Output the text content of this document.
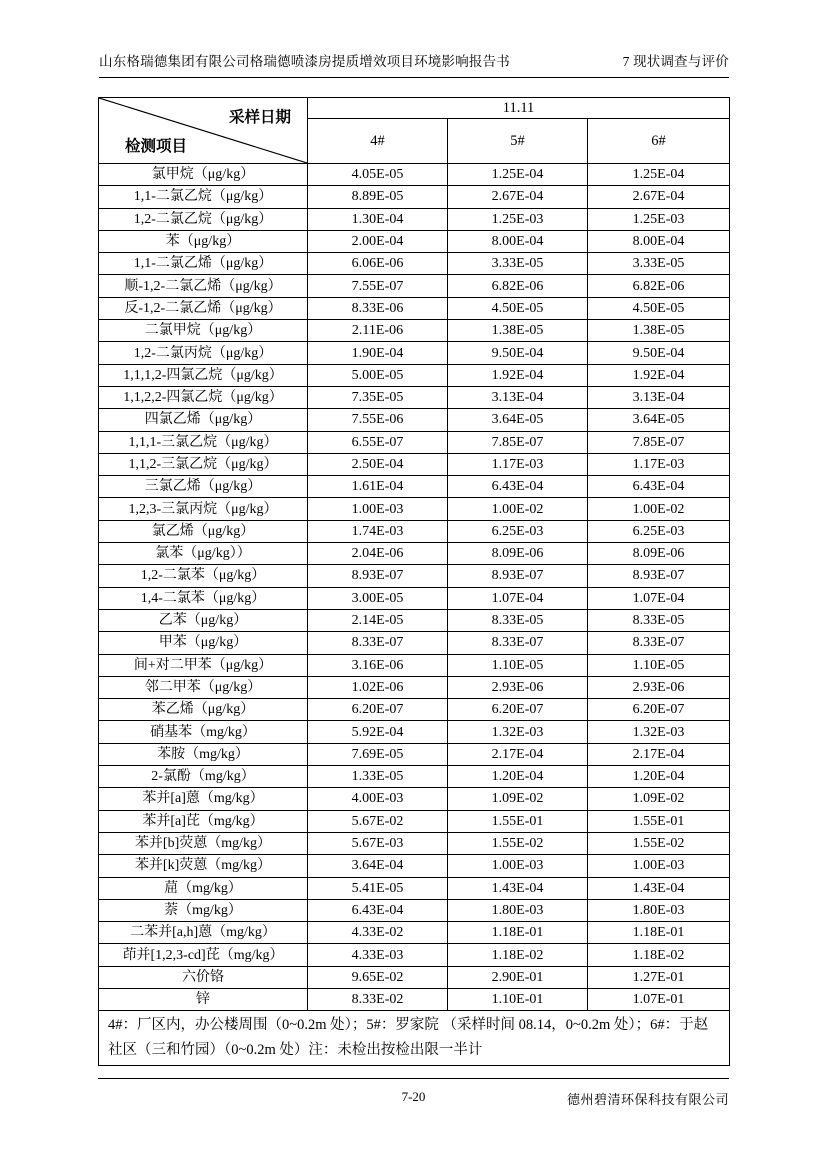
山东格瑞德集团有限公司格瑞德喷漆房提质增效项目环境影响报告书	7 现状调查与评价
采样日期
检测项目	11.11		
	4#	5#	6#
氯甲烷（μg/kg）	4.05E-05	1.25E-04	1.25E-04
1,1-二氯乙烷（μg/kg）	8.89E-05	2.67E-04	2.67E-04
1,2-二氯乙烷（μg/kg）	1.30E-04	1.25E-03	1.25E-03
苯（μg/kg）	2.00E-04	8.00E-04	8.00E-04
1,1-二氯乙烯（μg/kg）	6.06E-06	3.33E-05	3.33E-05
顺-1,2-二氯乙烯（μg/kg）	7.55E-07	6.82E-06	6.82E-06
反-1,2-二氯乙烯（μg/kg）	8.33E-06	4.50E-05	4.50E-05
二氯甲烷（μg/kg）	2.11E-06	1.38E-05	1.38E-05
1,2-二氯丙烷（μg/kg）	1.90E-04	9.50E-04	9.50E-04
1,1,1,2-四氯乙烷（μg/kg）	5.00E-05	1.92E-04	1.92E-04
1,1,2,2-四氯乙烷（μg/kg）	7.35E-05	3.13E-04	3.13E-04
四氯乙烯（μg/kg）	7.55E-06	3.64E-05	3.64E-05
1,1,1-三氯乙烷（μg/kg）	6.55E-07	7.85E-07	7.85E-07
1,1,2-三氯乙烷（μg/kg）	2.50E-04	1.17E-03	1.17E-03
三氯乙烯（μg/kg）	1.61E-04	6.43E-04	6.43E-04
1,2,3-三氯丙烷（μg/kg）	1.00E-03	1.00E-02	1.00E-02
氯乙烯（μg/kg）	1.74E-03	6.25E-03	6.25E-03
氯苯（μg/kg））	2.04E-06	8.09E-06	8.09E-06
1,2-二氯苯（μg/kg）	8.93E-07	8.93E-07	8.93E-07
1,4-二氯苯（μg/kg）	3.00E-05	1.07E-04	1.07E-04
乙苯（μg/kg）	2.14E-05	8.33E-05	8.33E-05
甲苯（μg/kg）	8.33E-07	8.33E-07	8.33E-07
间+对二甲苯（μg/kg）	3.16E-06	1.10E-05	1.10E-05
邻二甲苯（μg/kg）	1.02E-06	2.93E-06	2.93E-06
苯乙烯（μg/kg）	6.20E-07	6.20E-07	6.20E-07
硝基苯（mg/kg）	5.92E-04	1.32E-03	1.32E-03
苯胺（mg/kg）	7.69E-05	2.17E-04	2.17E-04
2-氯酚（mg/kg）	1.33E-05	1.20E-04	1.20E-04
苯并[a]蒽（mg/kg）	4.00E-03	1.09E-02	1.09E-02
苯并[a]芘（mg/kg）	5.67E-02	1.55E-01	1.55E-01
苯并[b]荧蒽（mg/kg）	5.67E-03	1.55E-02	1.55E-02
苯并[k]荧蒽（mg/kg）	3.64E-04	1.00E-03	1.00E-03
䓛（mg/kg）	5.41E-05	1.43E-04	1.43E-04
萘（mg/kg）	6.43E-04	1.80E-03	1.80E-03
二苯并[a,h]蒽（mg/kg）	4.33E-02	1.18E-01	1.18E-01
茚并[1,2,3-cd]芘（mg/kg）	4.33E-03	1.18E-02	1.18E-02
六价铬	9.65E-02	2.90E-01	1.27E-01
锌	8.33E-02	1.10E-01	1.07E-01
4#：厂区内，办公楼周围（0~0.2m 处）；5#：罗家院 （采样时间 08.14，0~0.2m 处）；6#：于赵社区（三和竹园）（0~0.2m 处）注：未检出按检出限一半计			
7-20	德州碧清环保科技有限公司
